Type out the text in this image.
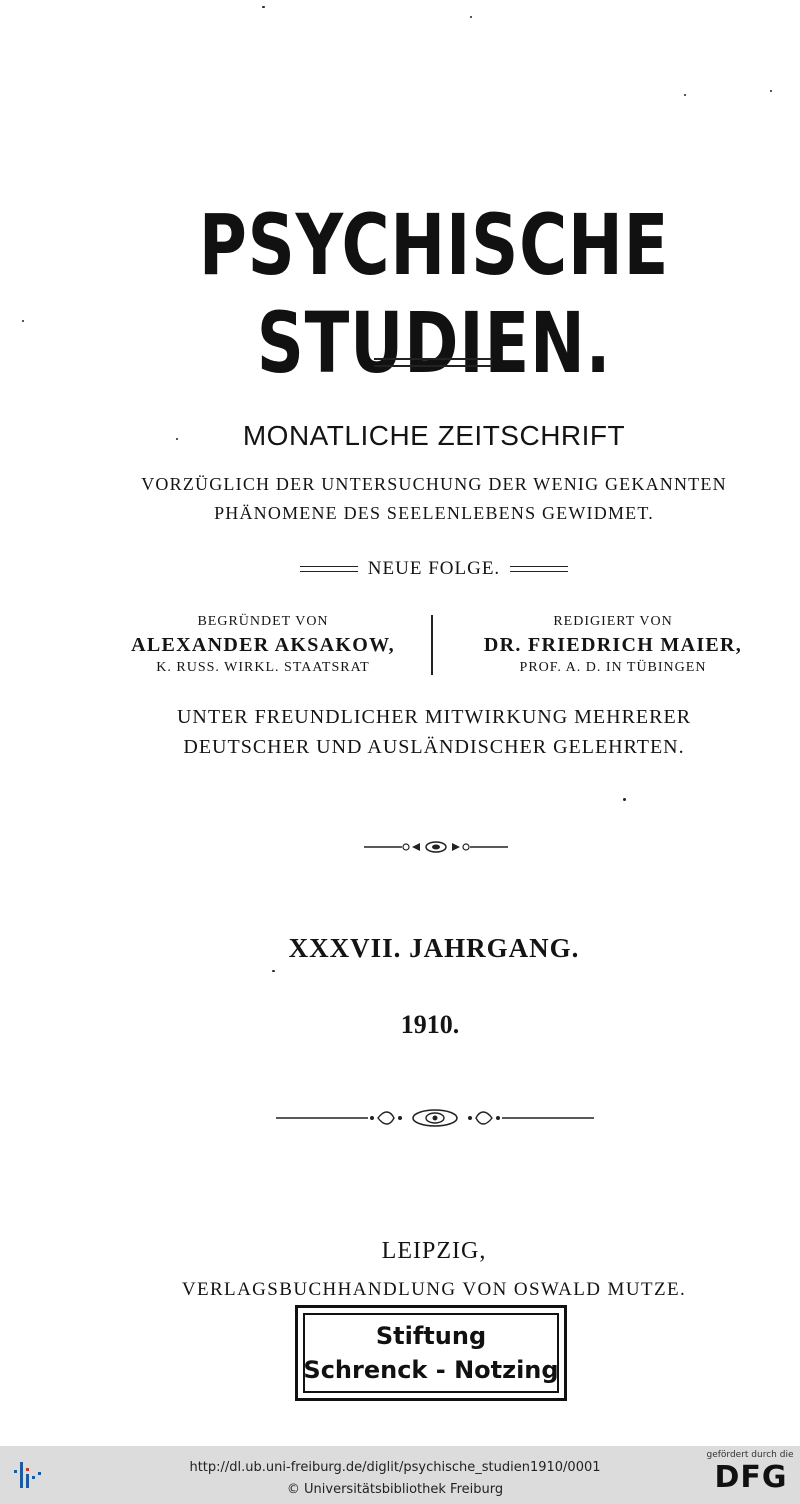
PSYCHISCHE STUDIEN.
MONATLICHE ZEITSCHRIFT
VORZÜGLICH DER UNTERSUCHUNG DER WENIG GEKANNTEN
PHÄNOMENE DES SEELENLEBENS GEWIDMET.
NEUE FOLGE.
BEGRÜNDET VON
ALEXANDER AKSAKOW,
K. RUSS. WIRKL. STAATSRAT
REDIGIERT VON
DR. FRIEDRICH MAIER,
PROF. A. D. IN TÜBINGEN
UNTER FREUNDLICHER MITWIRKUNG MEHRERER
DEUTSCHER UND AUSLÄNDISCHER GELEHRTEN.
XXXVII. JAHRGANG.
1910.
LEIPZIG,
VERLAGSBUCHHANDLUNG VON OSWALD MUTZE.
Stiftung
Schrenck - Notzing
http://dl.ub.uni-freiburg.de/diglit/psychische_studien1910/0001
© Universitätsbibliothek Freiburg
gefördert durch die
DFG
